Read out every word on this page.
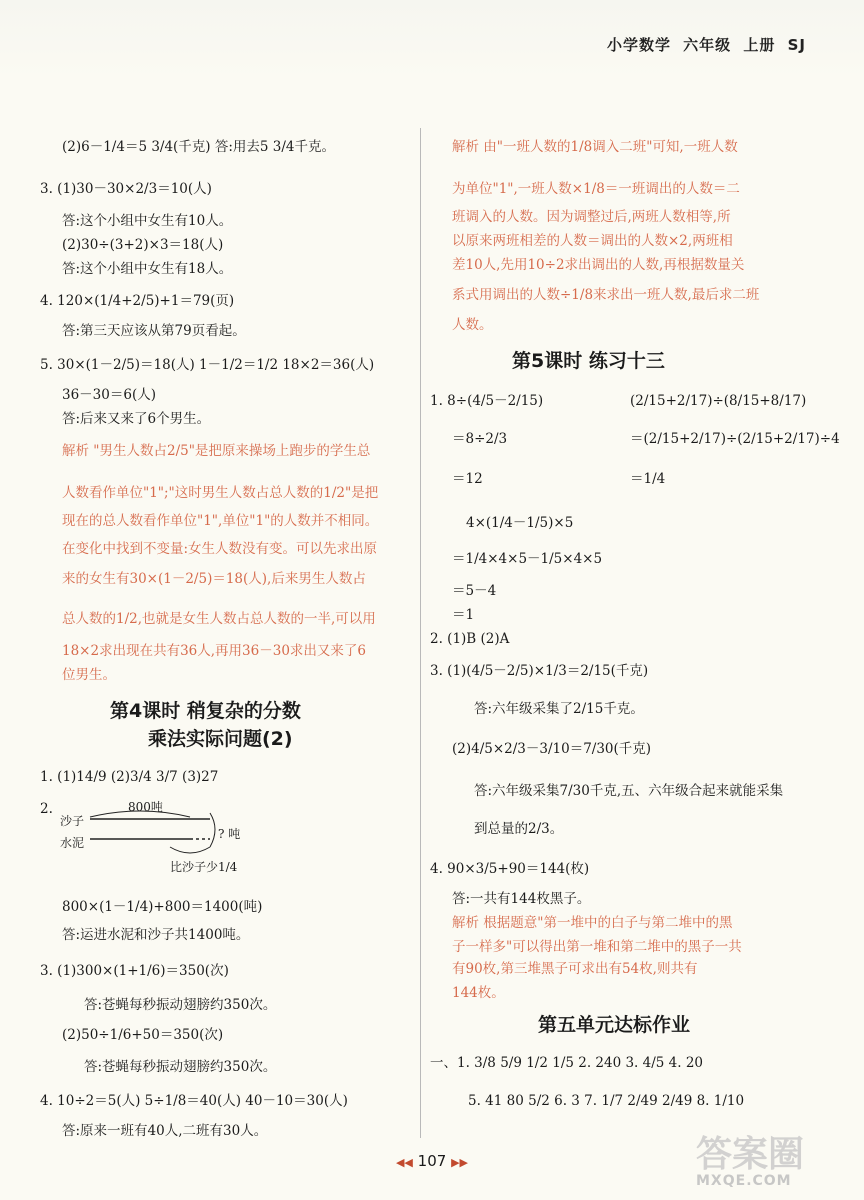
小学数学 六年级 上册 SJ
(2)6－1/4＝5 3/4(千克) 答:用去5 3/4千克。
3. (1)30－30×2/3＝10(人)
答:这个小组中女生有10人。
(2)30÷(3+2)×3＝18(人)
答:这个小组中女生有18人。
4. 120×(1/4+2/5)+1＝79(页)
答:第三天应该从第79页看起。
5. 30×(1－2/5)＝18(人) 1－1/2＝1/2 18×2＝36(人)
36－30＝6(人)
答:后来又来了6个男生。
解析 "男生人数占2/5"是把原来操场上跑步的学生总
人数看作单位"1";"这时男生人数占总人数的1/2"是把
现在的总人数看作单位"1",单位"1"的人数并不相同。
在变化中找到不变量:女生人数没有变。可以先求出原
来的女生有30×(1－2/5)＝18(人),后来男生人数占
总人数的1/2,也就是女生人数占总人数的一半,可以用
18×2求出现在共有36人,再用36－30求出又来了6
位男生。
第4课时 稍复杂的分数
乘法实际问题(2)
1. (1)14/9 (2)3/4 3/7 (3)27
2.	800吨
沙子
水泥
? 吨
比沙子少1/4
800×(1－1/4)+800＝1400(吨)
答:运进水泥和沙子共1400吨。
3. (1)300×(1+1/6)＝350(次)
答:苍蝇每秒振动翅膀约350次。
(2)50÷1/6+50＝350(次)
答:苍蝇每秒振动翅膀约350次。
4. 10÷2＝5(人) 5÷1/8＝40(人) 40－10＝30(人)
答:原来一班有40人,二班有30人。
解析 由"一班人数的1/8调入二班"可知,一班人数
为单位"1",一班人数×1/8＝一班调出的人数＝二
班调入的人数。因为调整过后,两班人数相等,所
以原来两班相差的人数＝调出的人数×2,两班相
差10人,先用10÷2求出调出的人数,再根据数量关
系式用调出的人数÷1/8来求出一班人数,最后求二班
人数。
第5课时 练习十三
1. 8÷(4/5－2/15)	(2/15+2/17)÷(8/15+8/17)
＝8÷2/3	＝(2/15+2/17)÷(2/15+2/17)÷4
＝12	＝1/4
4×(1/4－1/5)×5
＝1/4×4×5－1/5×4×5
＝5－4
＝1
2. (1)B (2)A
3. (1)(4/5－2/5)×1/3＝2/15(千克)
答:六年级采集了2/15千克。
(2)4/5×2/3－3/10＝7/30(千克)
答:六年级采集7/30千克,五、六年级合起来就能采集
到总量的2/3。
4. 90×3/5+90＝144(枚)
答:一共有144枚黑子。
解析 根据题意"第一堆中的白子与第二堆中的黑
子一样多"可以得出第一堆和第二堆中的黑子一共
有90枚,第三堆黑子可求出有54枚,则共有
144枚。
第五单元达标作业
一、1. 3/8 5/9 1/2 1/5 2. 240 3. 4/5 4. 20
5. 41 80 5/2 6. 3 7. 1/7 2/49 2/49 8. 1/10
◀◀ 107 ▶▶	答案圈
MXQE.COM
